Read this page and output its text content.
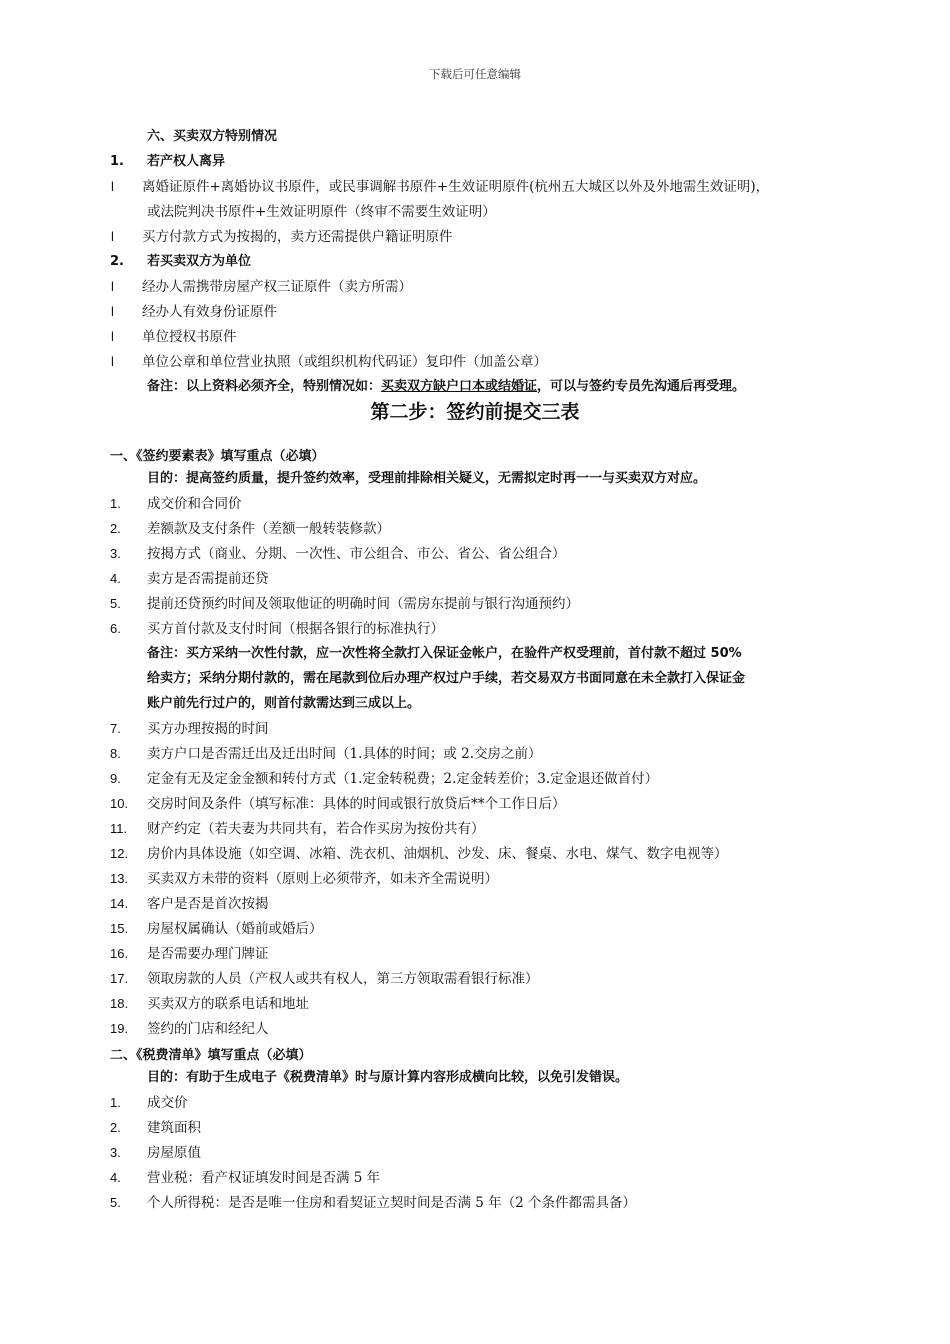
下载后可任意编辑
六、买卖双方特别情况
1. 若产权人离异
l 离婚证原件+离婚协议书原件，或民事调解书原件+生效证明原件(杭州五大城区以外及外地需生效证明)，
或法院判决书原件+生效证明原件（终审不需要生效证明）
l 买方付款方式为按揭的，卖方还需提供户籍证明原件
2. 若买卖双方为单位
l 经办人需携带房屋产权三证原件（卖方所需）
l 经办人有效身份证原件
l 单位授权书原件
l 单位公章和单位营业执照（或组织机构代码证）复印件（加盖公章）
备注：以上资料必须齐全，特别情况如：买卖双方缺户口本或结婚证，可以与签约专员先沟通后再受理。
第二步：签约前提交三表
一、《签约要素表》填写重点（必填）
目的：提高签约质量，提升签约效率，受理前排除相关疑义，无需拟定时再一一与买卖双方对应。
1. 成交价和合同价
2. 差额款及支付条件（差额一般转装修款）
3. 按揭方式（商业、分期、一次性、市公组合、市公、省公、省公组合）
4. 卖方是否需提前还贷
5. 提前还贷预约时间及领取他证的明确时间（需房东提前与银行沟通预约）
6. 买方首付款及支付时间（根据各银行的标准执行）
备注：买方采纳一次性付款，应一次性将全款打入保证金帐户，在验件产权受理前，首付款不超过 50%
给卖方；采纳分期付款的，需在尾款到位后办理产权过户手续，若交易双方书面同意在未全款打入保证金
账户前先行过户的，则首付款需达到三成以上。
7. 买方办理按揭的时间
8. 卖方户口是否需迁出及迁出时间（1.具体的时间；或 2.交房之前）
9. 定金有无及定金金额和转付方式（1.定金转税费；2.定金转差价；3.定金退还做首付）
10. 交房时间及条件（填写标准：具体的时间或银行放贷后**个工作日后）
11. 财产约定（若夫妻为共同共有，若合作买房为按份共有）
12. 房价内具体设施（如空调、冰箱、洗衣机、油烟机、沙发、床、餐桌、水电、煤气、数字电视等）
13. 买卖双方未带的资料（原则上必须带齐，如未齐全需说明）
14. 客户是否是首次按揭
15. 房屋权属确认（婚前或婚后）
16. 是否需要办理门牌证
17. 领取房款的人员（产权人或共有权人，第三方领取需看银行标准）
18. 买卖双方的联系电话和地址
19. 签约的门店和经纪人
二、《税费清单》填写重点（必填）
目的：有助于生成电子《税费清单》时与原计算内容形成横向比较，以免引发错误。
1. 成交价
2. 建筑面积
3. 房屋原值
4. 营业税：看产权证填发时间是否满 5 年
5. 个人所得税：是否是唯一住房和看契证立契时间是否满 5 年（2 个条件都需具备）
